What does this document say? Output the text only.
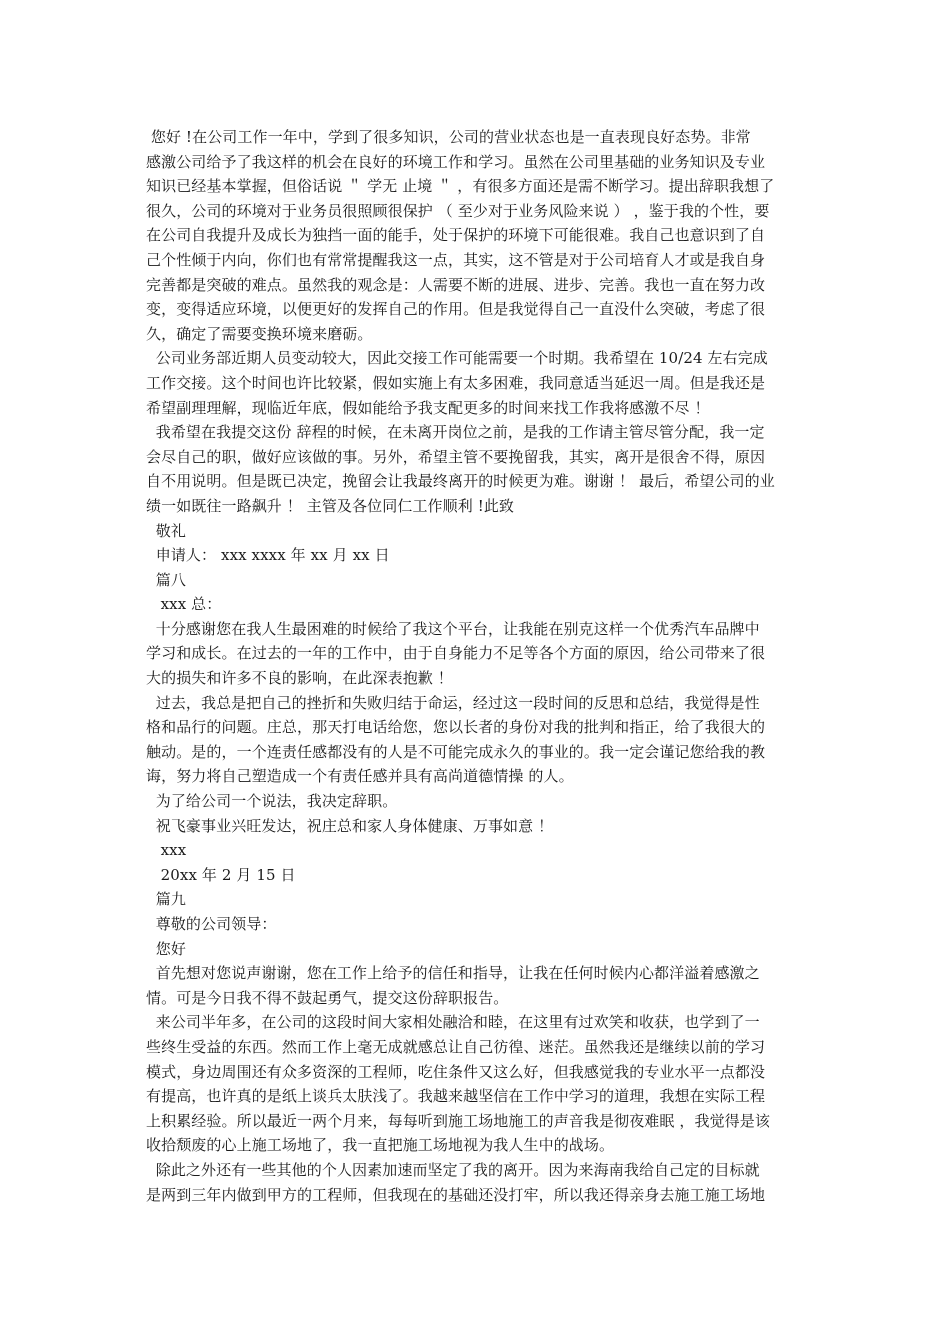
您好 !在公司工作一年中，学到了很多知识，公司的营业状态也是一直表现良好态势。非常
感激公司给予了我这样的机会在良好的环境工作和学习。虽然在公司里基础的业务知识及专业
知识已经基本掌握，但俗话说 ＂ 学无 止境 ＂ ，有很多方面还是需不断学习。提出辞职我想了
很久，公司的环境对于业务员很照顾很保护 （ 至少对于业务风险来说 ） ，鉴于我的个性，要
在公司自我提升及成长为独挡一面的能手，处于保护的环境下可能很难。我自己也意识到了自
己个性倾于内向，你们也有常常提醒我这一点，其实，这不管是对于公司培育人才或是我自身
完善都是突破的难点。虽然我的观念是：人需要不断的进展、进步、完善。我也一直在努力改
变，变得适应环境，以便更好的发挥自己的作用。但是我觉得自己一直没什么突破，考虑了很
久，确定了需要变换环境来磨砺。
公司业务部近期人员变动较大，因此交接工作可能需要一个时期。我希望在 10/24 左右完成
工作交接。这个时间也许比较紧，假如实施上有太多困难，我同意适当延迟一周。但是我还是
希望副理理解，现临近年底，假如能给予我支配更多的时间来找工作我将感激不尽 ！
我希望在我提交这份 辞程的时候，在未离开岗位之前，是我的工作请主管尽管分配，我一定
会尽自己的职，做好应该做的事。另外，希望主管不要挽留我，其实，离开是很舍不得，原因
自不用说明。但是既已决定，挽留会让我最终离开的时候更为难。谢谢 ！ 最后，希望公司的业
绩一如既往一路飙升 ！ 主管及各位同仁工作顺利 !此致
敬礼
申请人： xxx xxxx 年 xx 月 xx 日
篇八
xxx 总：
十分感谢您在我人生最困难的时候给了我这个平台，让我能在别克这样一个优秀汽车品牌中
学习和成长。在过去的一年的工作中，由于自身能力不足等各个方面的原因，给公司带来了很
大的损失和许多不良的影响，在此深表抱歉 ！
过去，我总是把自己的挫折和失败归结于命运，经过这一段时间的反思和总结，我觉得是性
格和品行的问题。庄总，那天打电话给您，您以长者的身份对我的批判和指正，给了我很大的
触动。是的，一个连责任感都没有的人是不可能完成永久的事业的。我一定会谨记您给我的教
诲，努力将自己塑造成一个有责任感并具有高尚道德情操 的人。
为了给公司一个说法，我决定辞职。
祝飞豪事业兴旺发达，祝庄总和家人身体健康、万事如意 ！
xxx
20xx 年 2 月 15 日
篇九
尊敬的公司领导：
您好
首先想对您说声谢谢，您在工作上给予的信任和指导，让我在任何时候内心都洋溢着感激之
情。可是今日我不得不鼓起勇气，提交这份辞职报告。
来公司半年多，在公司的这段时间大家相处融洽和睦，在这里有过欢笑和收获，也学到了一
些终生受益的东西。然而工作上毫无成就感总让自己彷徨、迷茫。虽然我还是继续以前的学习
模式，身边周围还有众多资深的工程师，吃住条件又这么好，但我感觉我的专业水平一点都没
有提高，也许真的是纸上谈兵太肤浅了。我越来越坚信在工作中学习的道理，我想在实际工程
上积累经验。所以最近一两个月来，每每听到施工场地施工的声音我是彻夜难眠 ，我觉得是该
收拾颓废的心上施工场地了，我一直把施工场地视为我人生中的战场。
除此之外还有一些其他的个人因素加速而坚定了我的离开。因为来海南我给自己定的目标就
是两到三年内做到甲方的工程师，但我现在的基础还没打牢，所以我还得亲身去施工施工场地
